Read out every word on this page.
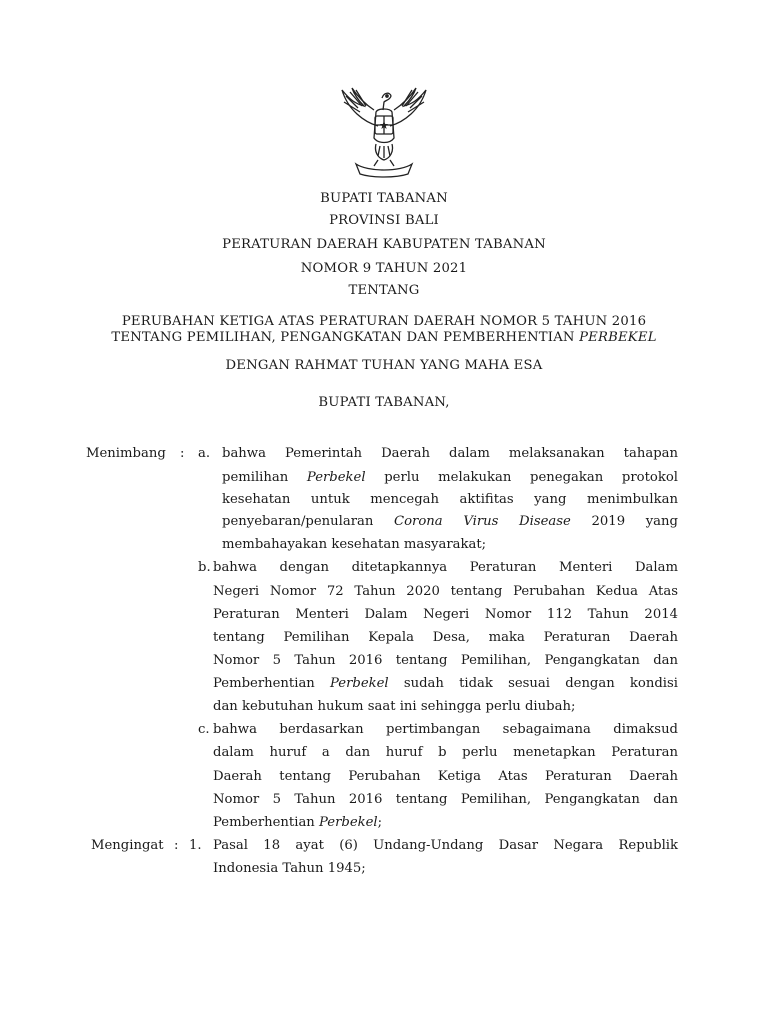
BUPATI TABANAN
PROVINSI BALI
PERATURAN DAERAH KABUPATEN TABANAN
NOMOR 9 TAHUN 2021
TENTANG
PERUBAHAN KETIGA ATAS PERATURAN DAERAH NOMOR 5 TAHUN 2016
TENTANG PEMILIHAN, PENGANGKATAN DAN PEMBERHENTIAN PERBEKEL
DENGAN RAHMAT TUHAN YANG MAHA ESA
BUPATI TABANAN,
Menimbang : a. bahwa Pemerintah Daerah dalam melaksanakan tahapan
pemilihan Perbekel perlu melakukan penegakan protokol
kesehatan untuk mencegah aktifitas yang menimbulkan
penyebaran/penularan Corona Virus Disease 2019 yang
membahayakan kesehatan masyarakat;
b. bahwa dengan ditetapkannya Peraturan Menteri Dalam
Negeri Nomor 72 Tahun 2020 tentang Perubahan Kedua Atas
Peraturan Menteri Dalam Negeri Nomor 112 Tahun 2014
tentang Pemilihan Kepala Desa, maka Peraturan Daerah
Nomor 5 Tahun 2016 tentang Pemilihan, Pengangkatan dan
Pemberhentian Perbekel sudah tidak sesuai dengan kondisi
dan kebutuhan hukum saat ini sehingga perlu diubah;
c. bahwa berdasarkan pertimbangan sebagaimana dimaksud
dalam huruf a dan huruf b perlu menetapkan Peraturan
Daerah tentang Perubahan Ketiga Atas Peraturan Daerah
Nomor 5 Tahun 2016 tentang Pemilihan, Pengangkatan dan
Pemberhentian Perbekel;
Mengingat : 1. Pasal 18 ayat (6) Undang-Undang Dasar Negara Republik
Indonesia Tahun 1945;
